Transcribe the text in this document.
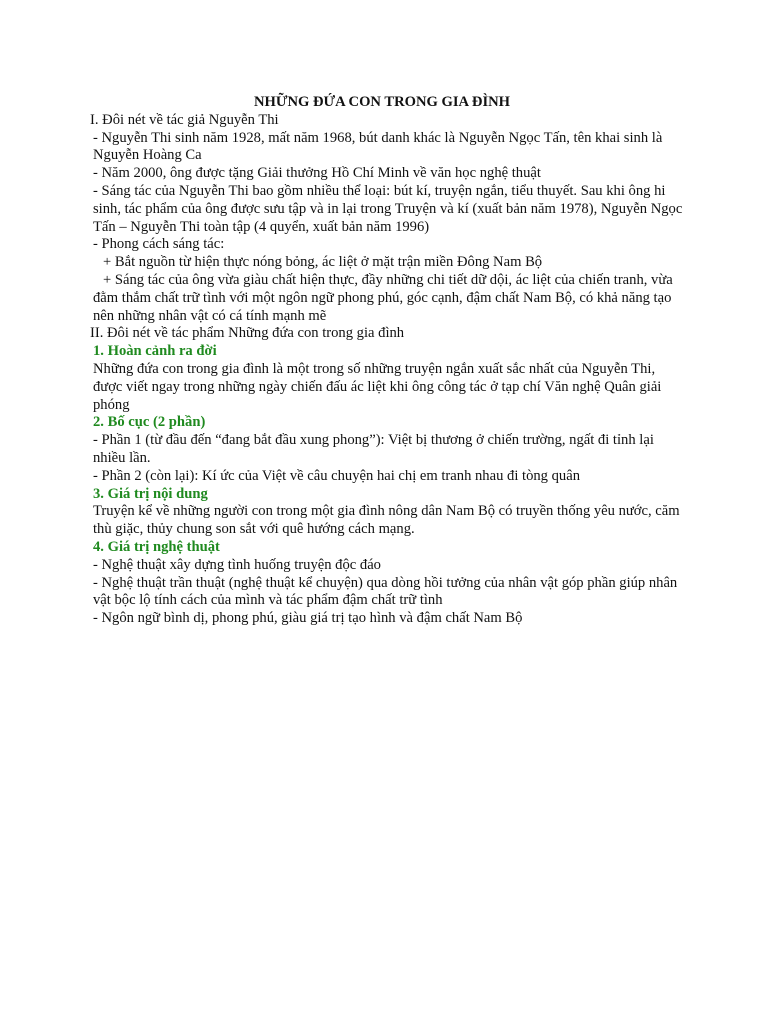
NHỮNG ĐỨA CON TRONG GIA ĐÌNH

I. Đôi nét về tác giả Nguyễn Thi

- Nguyễn Thi sinh năm 1928, mất năm 1968, bút danh khác là Nguyễn Ngọc Tấn, tên khai sinh là Nguyễn Hoàng Ca

- Năm 2000, ông được tặng Giải thưởng Hồ Chí Minh về văn học nghệ thuật

- Sáng tác của Nguyễn Thi bao gồm nhiều thể loại: bút kí, truyện ngắn, tiểu thuyết. Sau khi ông hi sinh, tác phẩm của ông được sưu tập và in lại trong Truyện và kí (xuất bản năm 1978), Nguyễn Ngọc Tấn – Nguyễn Thi toàn tập (4 quyển, xuất bản năm 1996)

- Phong cách sáng tác:

+ Bắt nguồn từ hiện thực nóng bỏng, ác liệt ở mặt trận miền Đông Nam Bộ

+ Sáng tác của ông vừa giàu chất hiện thực, đầy những chi tiết dữ dội, ác liệt của chiến tranh, vừa đằm thắm chất trữ tình với một ngôn ngữ phong phú, góc cạnh, đậm chất Nam Bộ, có khả năng tạo nên những nhân vật có cá tính mạnh mẽ

II. Đôi nét về tác phẩm Những đứa con trong gia đình

1. Hoàn cảnh ra đời

Những đứa con trong gia đình là một trong số những truyện ngắn xuất sắc nhất của Nguyễn Thi, được viết ngay trong những ngày chiến đấu ác liệt khi ông công tác ở tạp chí Văn nghệ Quân giải phóng

2. Bố cục (2 phần)

- Phần 1 (từ đầu đến “đang bắt đầu xung phong”): Việt bị thương ở chiến trường, ngất đi tỉnh lại nhiều lần.

- Phần 2 (còn lại): Kí ức của Việt về câu chuyện hai chị em tranh nhau đi tòng quân

3. Giá trị nội dung

Truyện kể về những người con trong một gia đình nông dân Nam Bộ có truyền thống yêu nước, căm thù giặc, thủy chung son sắt với quê hướng cách mạng.

4. Giá trị nghệ thuật

- Nghệ thuật xây dựng tình huống truyện độc đáo

- Nghệ thuật trần thuật (nghệ thuật kể chuyện) qua dòng hồi tưởng của nhân vật góp phần giúp nhân vật bộc lộ tính cách của mình và tác phẩm đậm chất trữ tình

- Ngôn ngữ bình dị, phong phú, giàu giá trị tạo hình và đậm chất Nam Bộ
